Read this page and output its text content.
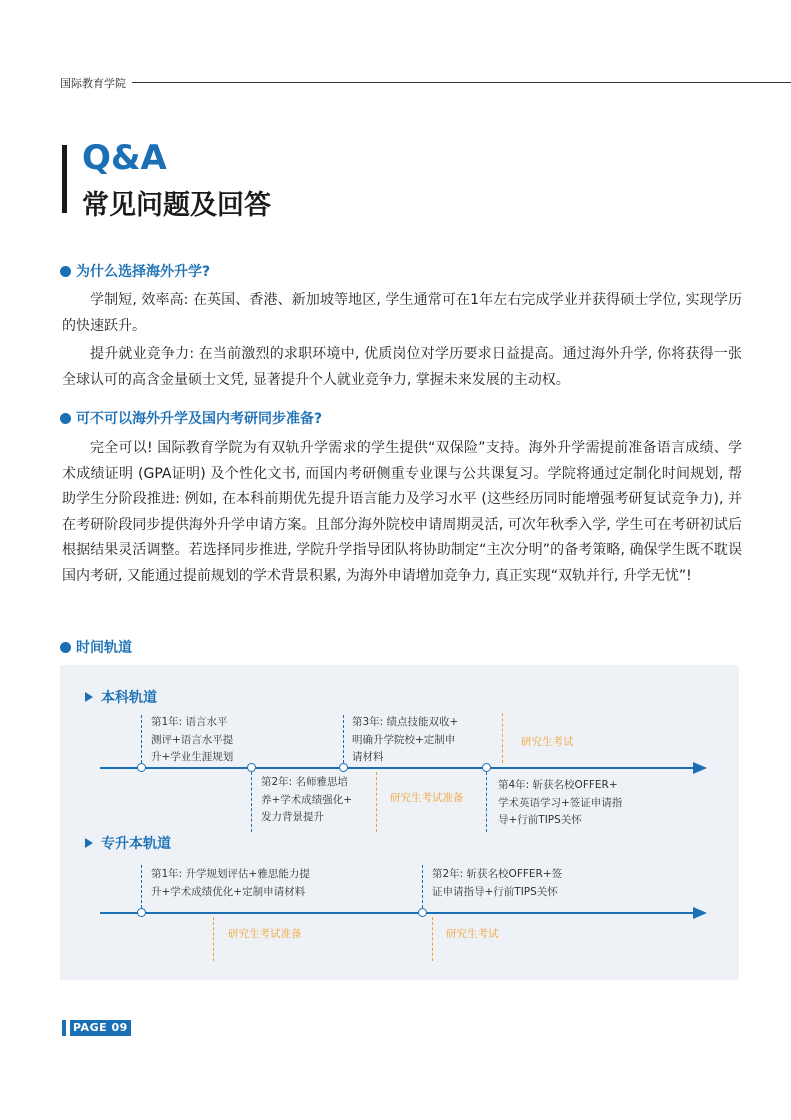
国际教育学院
Q&A
常见问题及回答
为什么选择海外升学?
学制短, 效率高: 在英国、香港、新加坡等地区, 学生通常可在1年左右完成学业并获得硕士学位, 实现学历的快速跃升。
提升就业竞争力: 在当前激烈的求职环境中, 优质岗位对学历要求日益提高。通过海外升学, 你将获得一张全球认可的高含金量硕士文凭, 显著提升个人就业竞争力, 掌握未来发展的主动权。
可不可以海外升学及国内考研同步准备?
完全可以! 国际教育学院为有双轨升学需求的学生提供“双保险”支持。海外升学需提前准备语言成绩、学术成绩证明 (GPA证明) 及个性化文书, 而国内考研侧重专业课与公共课复习。学院将通过定制化时间规划, 帮助学生分阶段推进: 例如, 在本科前期优先提升语言能力及学习水平 (这些经历同时能增强考研复试竞争力), 并在考研阶段同步提供海外升学申请方案。且部分海外院校申请周期灵活, 可次年秋季入学, 学生可在考研初试后根据结果灵活调整。若选择同步推进, 学院升学指导团队将协助制定“主次分明”的备考策略, 确保学生既不耽误国内考研, 又能通过提前规划的学术背景积累, 为海外申请增加竞争力, 真正实现“双轨并行, 升学无忧”!
时间轨道
本科轨道
第1年: 语言水平
测评+语言水平提
升+学业生涯规划
第2年: 名师雅思培
养+学术成绩强化+
发力背景提升
第3年: 绩点技能双收+
明确升学院校+定制申
请材料
研究生考试准备
研究生考试
第4年: 斩获名校OFFER+
学术英语学习+签证申请指
导+行前TIPS关怀
专升本轨道
第1年: 升学规划评估+雅思能力提
升+学术成绩优化+定制申请材料
研究生考试准备
第2年: 斩获名校OFFER+签
证申请指导+行前TIPS关怀
研究生考试
PAGE 09
